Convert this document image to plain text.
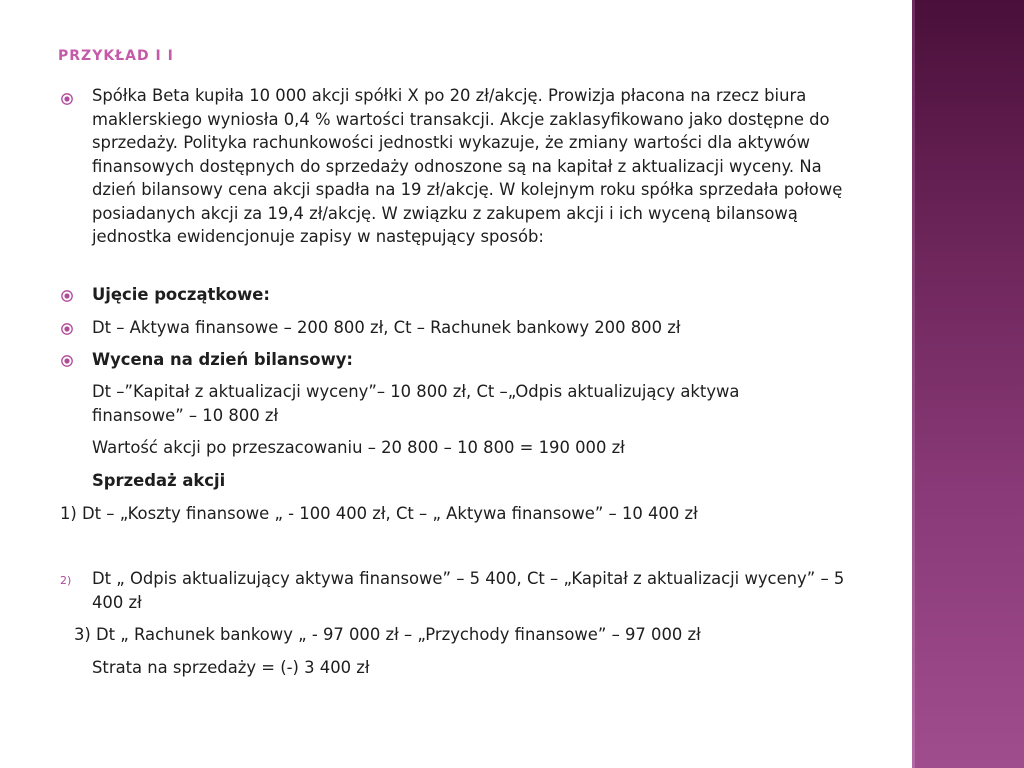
PRZYKŁAD I I
Spółka Beta kupiła 10 000 akcji spółki X po 20 zł/akcję. Prowizja płacona na rzecz biura maklerskiego wyniosła 0,4 % wartości transakcji. Akcje zaklasyfikowano jako dostępne do sprzedaży. Polityka rachunkowości jednostki wykazuje, że zmiany wartości dla aktywów finansowych dostępnych do sprzedaży odnoszone są na kapitał z aktualizacji wyceny. Na dzień bilansowy cena akcji spadła na 19 zł/akcję. W kolejnym roku spółka sprzedała połowę posiadanych akcji za 19,4 zł/akcję. W związku z zakupem akcji i ich wyceną bilansową jednostka ewidencjonuje zapisy w następujący sposób:
Ujęcie początkowe:
Dt – Aktywa finansowe – 200 800 zł, Ct – Rachunek bankowy 200 800 zł
Wycena na dzień bilansowy:
Dt –”Kapitał z aktualizacji wyceny”– 10 800 zł, Ct –„Odpis aktualizujący aktywa finansowe” – 10 800 zł
Wartość akcji po przeszacowaniu – 20 800 – 10 800 = 190 000 zł
Sprzedaż akcji
1) Dt – „Koszty finansowe „ - 100 400 zł, Ct – „ Aktywa finansowe” – 10 400 zł
2) Dt „ Odpis aktualizujący aktywa finansowe” – 5 400, Ct – „Kapitał z aktualizacji wyceny” – 5 400 zł
3) Dt „ Rachunek bankowy „ - 97 000 zł – „Przychody finansowe” – 97 000 zł
Strata na sprzedaży = (-) 3 400 zł
